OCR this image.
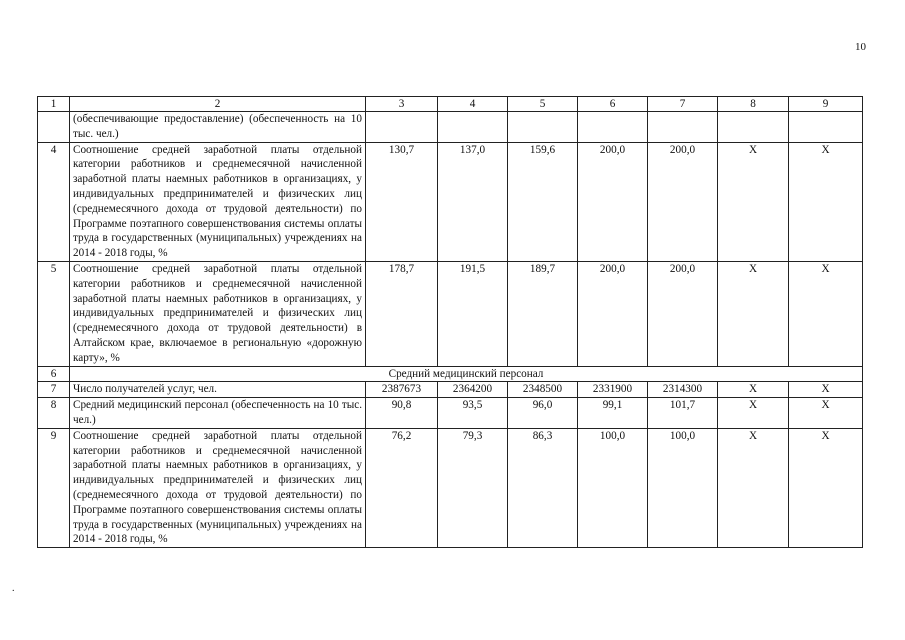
10
.
1	2	3	4	5	6	7	8	9
	(обеспечивающие предоставление) (обеспеченность на 10 тыс. чел.)							
4	Соотношение средней заработной платы отдельной категории работников и среднемесячной начисленной заработной платы наемных работников в организациях, у индивидуальных предпринимателей и физических лиц (среднемесячного дохода от трудовой деятельности) по Программе поэтапного совершенствования системы оплаты труда в государственных (муниципальных) учреждениях на 2014 - 2018 годы, %	130,7	137,0	159,6	200,0	200,0	X	X
5	Соотношение средней заработной платы отдельной категории работников и среднемесячной начисленной заработной платы наемных работников в организациях, у индивидуальных предпринимателей и физических лиц (среднемесячного дохода от трудовой деятельности) в Алтайском крае, включаемое в региональную «дорожную карту», %	178,7	191,5	189,7	200,0	200,0	X	X
6	Средний медицинский персонал							
7	Число получателей услуг, чел.	2387673	2364200	2348500	2331900	2314300	X	X
8	Средний медицинский персонал (обеспеченность на 10 тыс. чел.)	90,8	93,5	96,0	99,1	101,7	X	X
9	Соотношение средней заработной платы отдельной категории работников и среднемесячной начисленной заработной платы наемных работников в организациях, у индивидуальных предпринимателей и физических лиц (среднемесячного дохода от трудовой деятельности) по Программе поэтапного совершенствования системы оплаты труда в государственных (муниципальных) учреждениях на 2014 - 2018 годы, %	76,2	79,3	86,3	100,0	100,0	X	X
